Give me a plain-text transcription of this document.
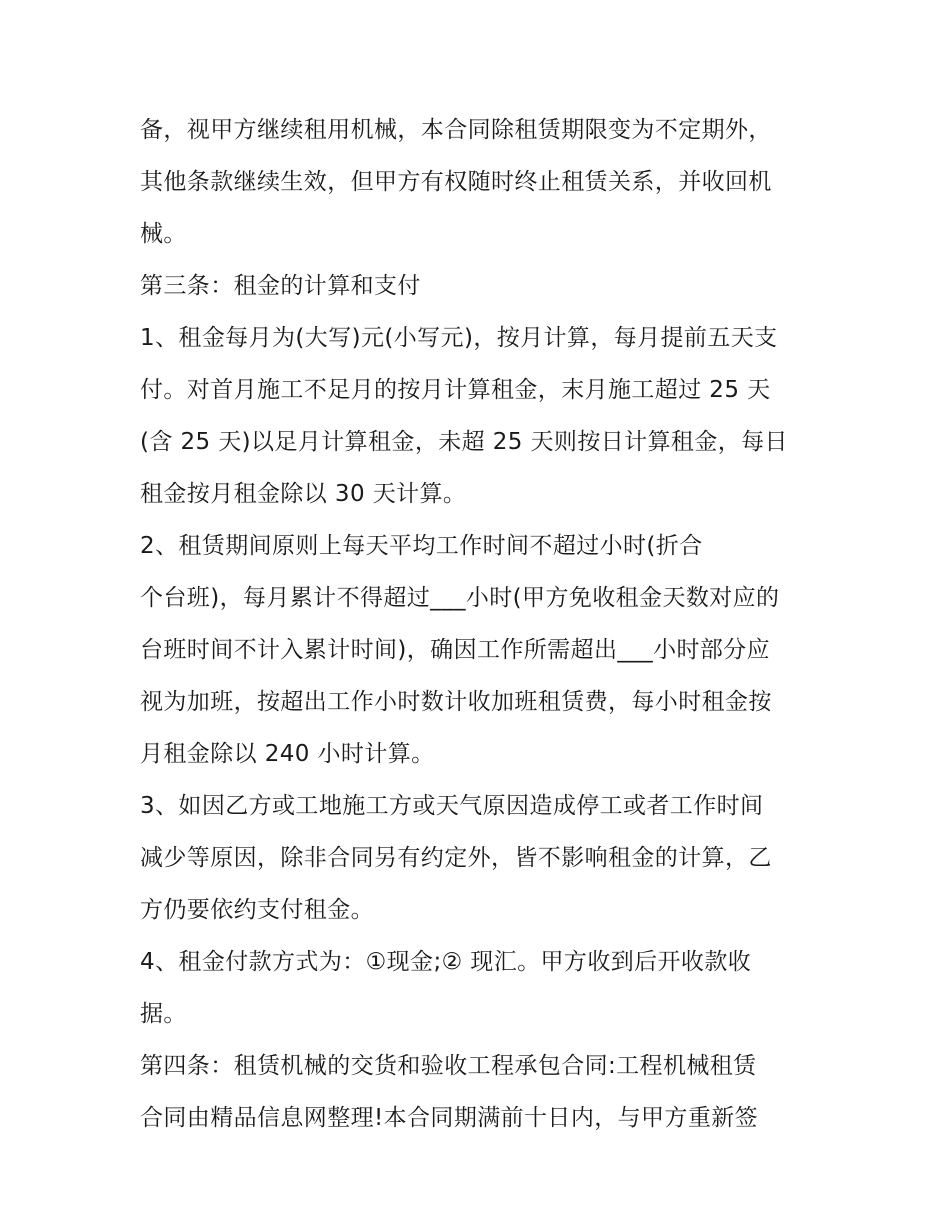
备，视甲方继续租用机械，本合同除租赁期限变为不定期外，
其他条款继续生效，但甲方有权随时终止租赁关系，并收回机
械。
第三条：租金的计算和支付
1、租金每月为(大写)元(小写元)，按月计算，每月提前五天支
付。对首月施工不足月的按月计算租金，末月施工超过 25 天
(含 25 天)以足月计算租金，未超 25 天则按日计算租金，每日
租金按月租金除以 30 天计算。
2、租赁期间原则上每天平均工作时间不超过小时(折合
个台班)，每月累计不得超过___小时(甲方免收租金天数对应的
台班时间不计入累计时间)，确因工作所需超出___小时部分应
视为加班，按超出工作小时数计收加班租赁费，每小时租金按
月租金除以 240 小时计算。
3、如因乙方或工地施工方或天气原因造成停工或者工作时间
减少等原因，除非合同另有约定外，皆不影响租金的计算，乙
方仍要依约支付租金。
4、租金付款方式为：①现金;② 现汇。甲方收到后开收款收
据。
第四条：租赁机械的交货和验收工程承包合同:工程机械租赁
合同由精品信息网整理!本合同期满前十日内，与甲方重新签
